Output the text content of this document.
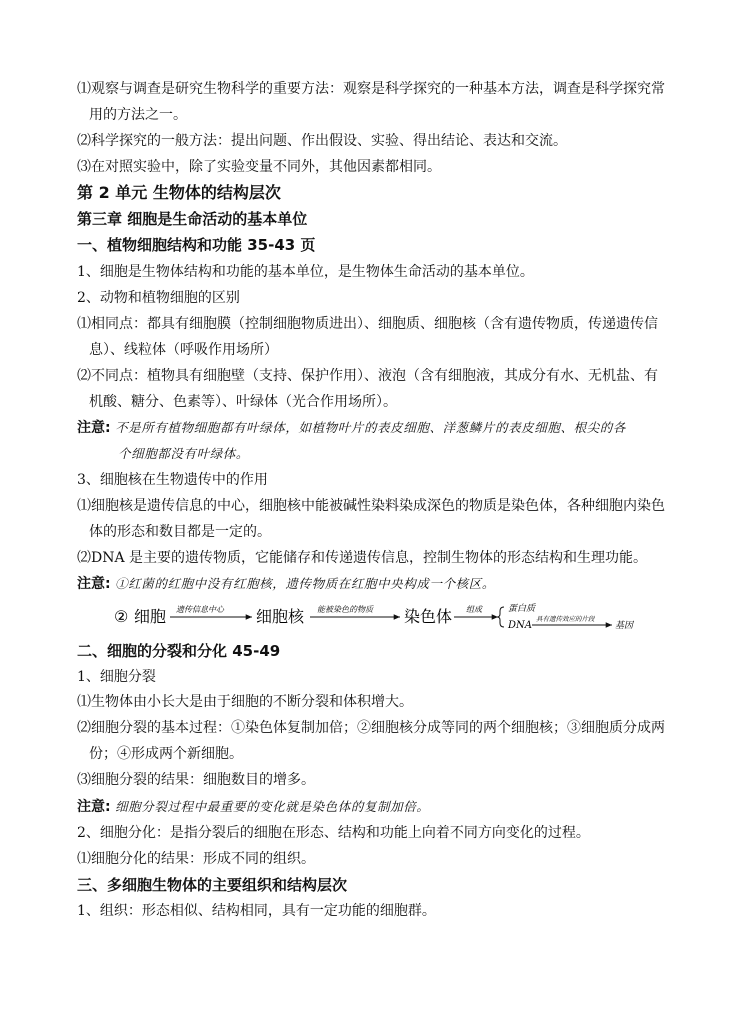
⑴观察与调查是研究生物科学的重要方法：观察是科学探究的一种基本方法，调查是科学探究常
用的方法之一。
⑵科学探究的一般方法：提出问题、作出假设、实验、得出结论、表达和交流。
⑶在对照实验中，除了实验变量不同外，其他因素都相同。
第 2 单元 生物体的结构层次
第三章 细胞是生命活动的基本单位
一、植物细胞结构和功能 35-43 页
1、细胞是生物体结构和功能的基本单位，是生物体生命活动的基本单位。
2、动物和植物细胞的区别
⑴相同点：都具有细胞膜（控制细胞物质进出）、细胞质、细胞核（含有遗传物质，传递遗传信
息）、线粒体（呼吸作用场所）
⑵不同点：植物具有细胞壁（支持、保护作用）、液泡（含有细胞液，其成分有水、无机盐、有
机酸、糖分、色素等）、叶绿体（光合作用场所）。
注意: 不是所有植物细胞都有叶绿体，如植物叶片的表皮细胞、洋葱鳞片的表皮细胞、根尖的各
个细胞都没有叶绿体。
3、细胞核在生物遗传中的作用
⑴细胞核是遗传信息的中心，细胞核中能被碱性染料染成深色的物质是染色体，各种细胞内染色
体的形态和数目都是一定的。
⑵DNA 是主要的遗传物质，它能储存和传递遗传信息，控制生物体的形态结构和生理功能。
注意: ①红菌的红胞中没有红胞核，遗传物质在红胞中央构成一个核区。
② 细胞 遗传信息中心 细胞核 能被染色的物质 染色体 组成	蛋白质
DNA
具有遗传效应的片段
基因
二、细胞的分裂和分化 45-49
1、细胞分裂
⑴生物体由小长大是由于细胞的不断分裂和体积增大。
⑵细胞分裂的基本过程：①染色体复制加倍；②细胞核分成等同的两个细胞核；③细胞质分成两
份；④形成两个新细胞。
⑶细胞分裂的结果：细胞数目的增多。
注意: 细胞分裂过程中最重要的变化就是染色体的复制加倍。
2、细胞分化：是指分裂后的细胞在形态、结构和功能上向着不同方向变化的过程。
⑴细胞分化的结果：形成不同的组织。
三、多细胞生物体的主要组织和结构层次
1、组织：形态相似、结构相同，具有一定功能的细胞群。
